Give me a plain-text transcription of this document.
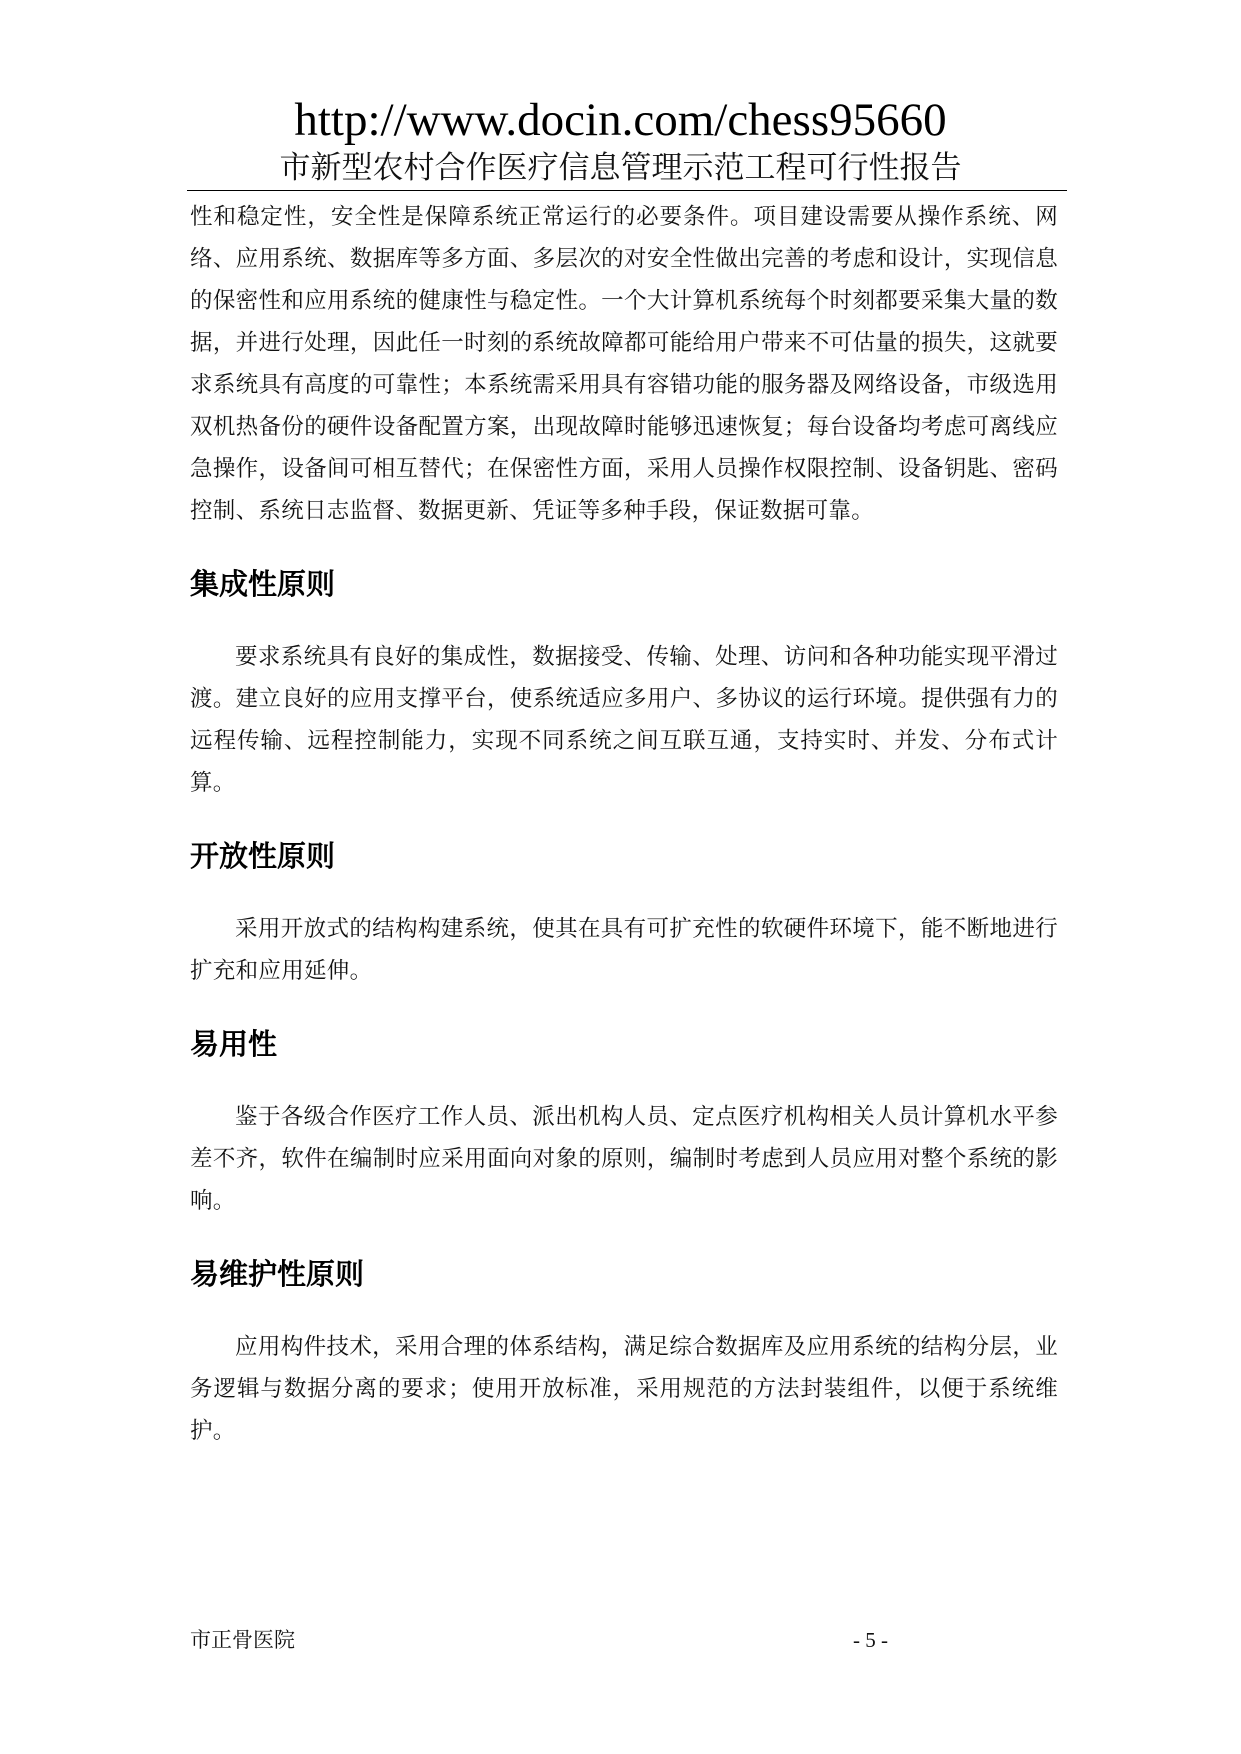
http://www.docin.com/chess95660
市新型农村合作医疗信息管理示范工程可行性报告

性和稳定性，安全性是保障系统正常运行的必要条件。项目建设需要从操作系统、网络、应用系统、数据库等多方面、多层次的对安全性做出完善的考虑和设计，实现信息的保密性和应用系统的健康性与稳定性。一个大计算机系统每个时刻都要采集大量的数据，并进行处理，因此任一时刻的系统故障都可能给用户带来不可估量的损失，这就要求系统具有高度的可靠性；本系统需采用具有容错功能的服务器及网络设备，市级选用双机热备份的硬件设备配置方案，出现故障时能够迅速恢复；每台设备均考虑可离线应急操作，设备间可相互替代；在保密性方面，采用人员操作权限控制、设备钥匙、密码控制、系统日志监督、数据更新、凭证等多种手段，保证数据可靠。

集成性原则

要求系统具有良好的集成性，数据接受、传输、处理、访问和各种功能实现平滑过渡。建立良好的应用支撑平台，使系统适应多用户、多协议的运行环境。提供强有力的远程传输、远程控制能力，实现不同系统之间互联互通，支持实时、并发、分布式计算。

开放性原则

采用开放式的结构构建系统，使其在具有可扩充性的软硬件环境下，能不断地进行扩充和应用延伸。

易用性

鉴于各级合作医疗工作人员、派出机构人员、定点医疗机构相关人员计算机水平参差不齐，软件在编制时应采用面向对象的原则，编制时考虑到人员应用对整个系统的影响。

易维护性原则

应用构件技术，采用合理的体系结构，满足综合数据库及应用系统的结构分层，业务逻辑与数据分离的要求；使用开放标准，采用规范的方法封装组件，以便于系统维护。

市正骨医院	- 5 -
